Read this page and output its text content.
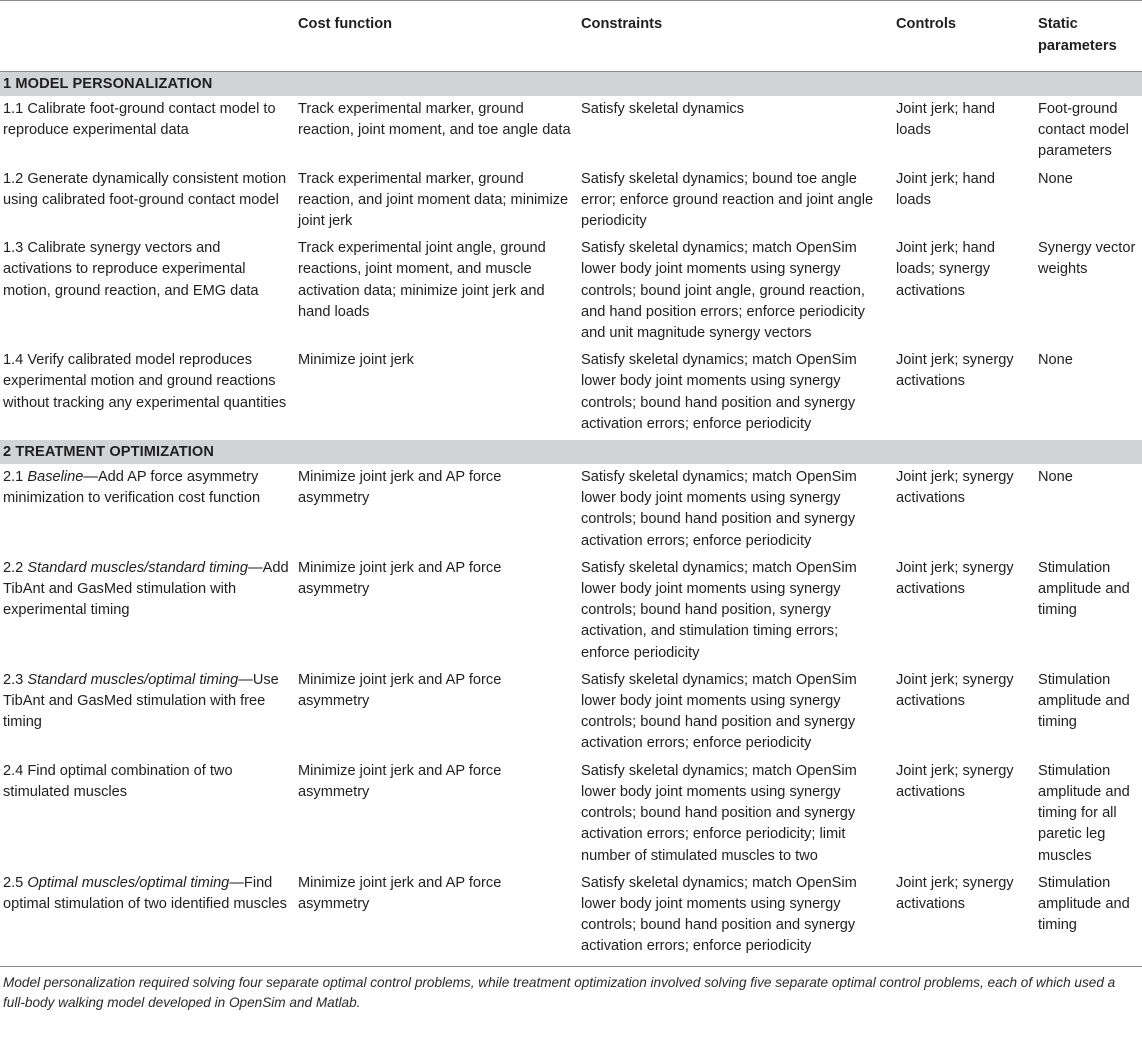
	Cost function	Constraints	Controls	Static parameters
1 MODEL PERSONALIZATION				
1.1 Calibrate foot-ground contact model to reproduce experimental data	Track experimental marker, ground reaction, joint moment, and toe angle data	Satisfy skeletal dynamics	Joint jerk; hand loads	Foot-ground contact model parameters
1.2 Generate dynamically consistent motion using calibrated foot-ground contact model	Track experimental marker, ground reaction, and joint moment data; minimize joint jerk	Satisfy skeletal dynamics; bound toe angle error; enforce ground reaction and joint angle periodicity	Joint jerk; hand loads	None
1.3 Calibrate synergy vectors and activations to reproduce experimental motion, ground reaction, and EMG data	Track experimental joint angle, ground reactions, joint moment, and muscle activation data; minimize joint jerk and hand loads	Satisfy skeletal dynamics; match OpenSim lower body joint moments using synergy controls; bound joint angle, ground reaction, and hand position errors; enforce periodicity and unit magnitude synergy vectors	Joint jerk; hand loads; synergy activations	Synergy vector weights
1.4 Verify calibrated model reproduces experimental motion and ground reactions without tracking any experimental quantities	Minimize joint jerk	Satisfy skeletal dynamics; match OpenSim lower body joint moments using synergy controls; bound hand position and synergy activation errors; enforce periodicity	Joint jerk; synergy activations	None
2 TREATMENT OPTIMIZATION				
2.1 Baseline—Add AP force asymmetry minimization to verification cost function	Minimize joint jerk and AP force asymmetry	Satisfy skeletal dynamics; match OpenSim lower body joint moments using synergy controls; bound hand position and synergy activation errors; enforce periodicity	Joint jerk; synergy activations	None
2.2 Standard muscles/standard timing—Add TibAnt and GasMed stimulation with experimental timing	Minimize joint jerk and AP force asymmetry	Satisfy skeletal dynamics; match OpenSim lower body joint moments using synergy controls; bound hand position, synergy activation, and stimulation timing errors; enforce periodicity	Joint jerk; synergy activations	Stimulation amplitude and timing
2.3 Standard muscles/optimal timing—Use TibAnt and GasMed stimulation with free timing	Minimize joint jerk and AP force asymmetry	Satisfy skeletal dynamics; match OpenSim lower body joint moments using synergy controls; bound hand position and synergy activation errors; enforce periodicity	Joint jerk; synergy activations	Stimulation amplitude and timing
2.4 Find optimal combination of two stimulated muscles	Minimize joint jerk and AP force asymmetry	Satisfy skeletal dynamics; match OpenSim lower body joint moments using synergy controls; bound hand position and synergy activation errors; enforce periodicity; limit number of stimulated muscles to two	Joint jerk; synergy activations	Stimulation amplitude and timing for all paretic leg muscles
2.5 Optimal muscles/optimal timing—Find optimal stimulation of two identified muscles	Minimize joint jerk and AP force asymmetry	Satisfy skeletal dynamics; match OpenSim lower body joint moments using synergy controls; bound hand position and synergy activation errors; enforce periodicity	Joint jerk; synergy activations	Stimulation amplitude and timing
Model personalization required solving four separate optimal control problems, while treatment optimization involved solving five separate optimal control problems, each of which used a full-body walking model developed in OpenSim and Matlab.
